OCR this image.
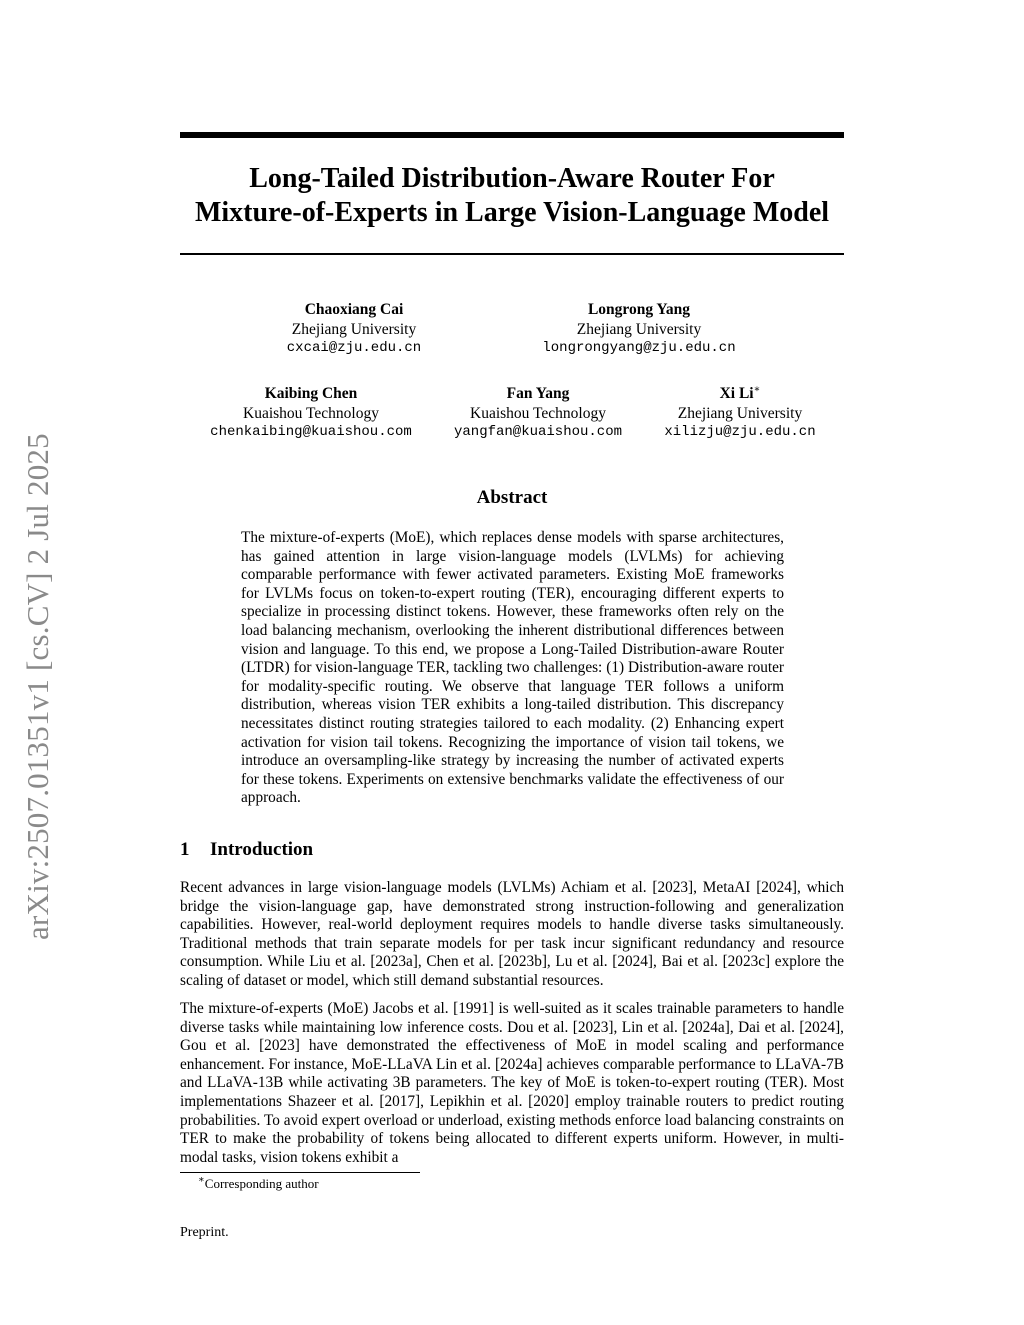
arXiv:2507.01351v1 [cs.CV] 2 Jul 2025
Long-Tailed Distribution-Aware Router For
Mixture-of-Experts in Large Vision-Language Model
Chaoxiang Cai
Zhejiang University
cxcai@zju.edu.cn
Longrong Yang
Zhejiang University
longrongyang@zju.edu.cn
Kaibing Chen
Kuaishou Technology
chenkaibing@kuaishou.com
Fan Yang
Kuaishou Technology
yangfan@kuaishou.com
Xi Li∗
Zhejiang University
xilizju@zju.edu.cn
Abstract
The mixture-of-experts (MoE), which replaces dense models with sparse architectures, has gained attention in large vision-language models (LVLMs) for achieving comparable performance with fewer activated parameters. Existing MoE frameworks for LVLMs focus on token-to-expert routing (TER), encouraging different experts to specialize in processing distinct tokens. However, these frameworks often rely on the load balancing mechanism, overlooking the inherent distributional differences between vision and language. To this end, we propose a Long-Tailed Distribution-aware Router (LTDR) for vision-language TER, tackling two challenges: (1) Distribution-aware router for modality-specific routing. We observe that language TER follows a uniform distribution, whereas vision TER exhibits a long-tailed distribution. This discrepancy necessitates distinct routing strategies tailored to each modality. (2) Enhancing expert activation for vision tail tokens. Recognizing the importance of vision tail tokens, we introduce an oversampling-like strategy by increasing the number of activated experts for these tokens. Experiments on extensive benchmarks validate the effectiveness of our approach.
1 Introduction

Recent advances in large vision-language models (LVLMs) Achiam et al. [2023], MetaAI [2024], which bridge the vision-language gap, have demonstrated strong instruction-following and generalization capabilities. However, real-world deployment requires models to handle diverse tasks simultaneously. Traditional methods that train separate models for per task incur significant redundancy and resource consumption. While Liu et al. [2023a], Chen et al. [2023b], Lu et al. [2024], Bai et al. [2023c] explore the scaling of dataset or model, which still demand substantial resources.

The mixture-of-experts (MoE) Jacobs et al. [1991] is well-suited as it scales trainable parameters to handle diverse tasks while maintaining low inference costs. Dou et al. [2023], Lin et al. [2024a], Dai et al. [2024], Gou et al. [2023] have demonstrated the effectiveness of MoE in model scaling and performance enhancement. For instance, MoE-LLaVA Lin et al. [2024a] achieves comparable performance to LLaVA-7B and LLaVA-13B while activating 3B parameters. The key of MoE is token-to-expert routing (TER). Most implementations Shazeer et al. [2017], Lepikhin et al. [2020] employ trainable routers to predict routing probabilities. To avoid expert overload or underload, existing methods enforce load balancing constraints on TER to make the probability of tokens being allocated to different experts uniform. However, in multi-modal tasks, vision tokens exhibit a

∗Corresponding author
Preprint.
